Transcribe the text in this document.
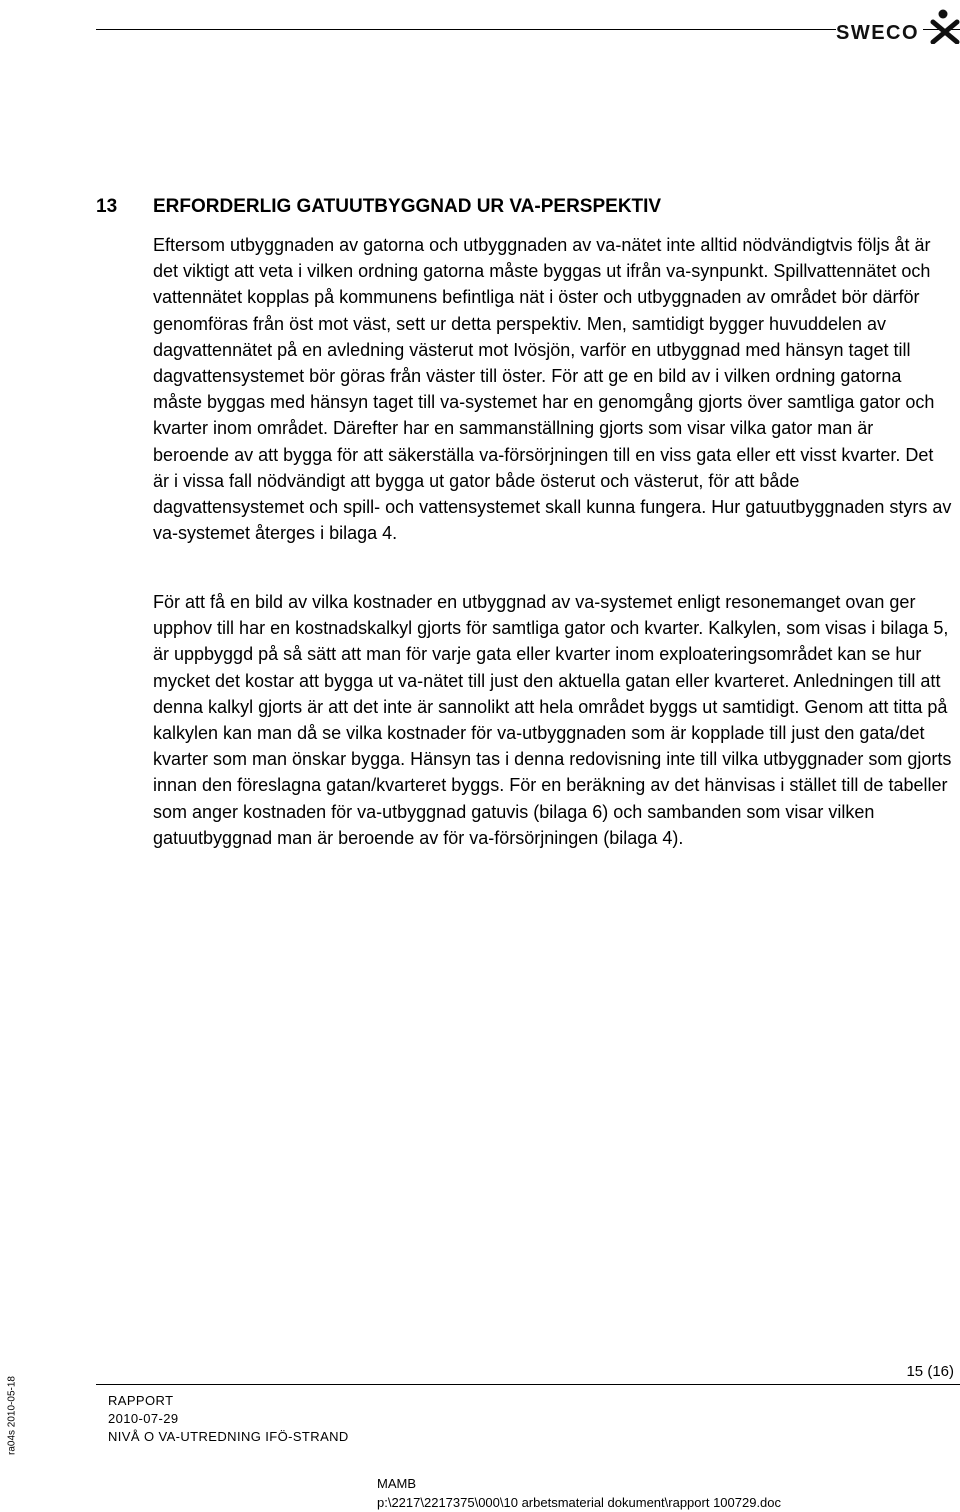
SWECO
13 ERFORDERLIG GATUUTBYGGNAD UR VA-PERSPEKTIV
Eftersom utbyggnaden av gatorna och utbyggnaden av va-nätet inte alltid nödvändigtvis följs åt är det viktigt att veta i vilken ordning gatorna måste byggas ut ifrån va-synpunkt. Spillvattennätet och vattennätet kopplas på kommunens befintliga nät i öster och utbyggnaden av området bör därför genomföras från öst mot väst, sett ur detta perspektiv. Men, samtidigt bygger huvuddelen av dagvattennätet på en avledning västerut mot Ivösjön, varför en utbyggnad med hänsyn taget till dagvattensystemet bör göras från väster till öster. För att ge en bild av i vilken ordning gatorna måste byggas med hänsyn taget till va-systemet har en genomgång gjorts över samtliga gator och kvarter inom området. Därefter har en sammanställning gjorts som visar vilka gator man är beroende av att bygga för att säkerställa va-försörjningen till en viss gata eller ett visst kvarter. Det är i vissa fall nödvändigt att bygga ut gator både österut och västerut, för att både dagvattensystemet och spill- och vattensystemet skall kunna fungera. Hur gatuutbyggnaden styrs av va-systemet återges i bilaga 4.
För att få en bild av vilka kostnader en utbyggnad av va-systemet enligt resonemanget ovan ger upphov till har en kostnadskalkyl gjorts för samtliga gator och kvarter. Kalkylen, som visas i bilaga 5, är uppbyggd på så sätt att man för varje gata eller kvarter inom exploateringsområdet kan se hur mycket det kostar att bygga ut va-nätet till just den aktuella gatan eller kvarteret. Anledningen till att denna kalkyl gjorts är att det inte är sannolikt att hela området byggs ut samtidigt. Genom att titta på kalkylen kan man då se vilka kostnader för va-utbyggnaden som är kopplade till just den gata/det kvarter som man önskar bygga. Hänsyn tas i denna redovisning inte till vilka utbyggnader som gjorts innan den föreslagna gatan/kvarteret byggs. För en beräkning av det hänvisas i stället till de tabeller som anger kostnaden för va-utbyggnad gatuvis (bilaga 6) och sambanden som visar vilken gatuutbyggnad man är beroende av för va-försörjningen (bilaga 4).
ra04s 2010-05-18
15 (16)
RAPPORT
2010-07-29
NIVÅ O VA-UTREDNING IFÖ-STRAND
MAMB
p:\2217\2217375\000\10 arbetsmaterial dokument\rapport 100729.doc
